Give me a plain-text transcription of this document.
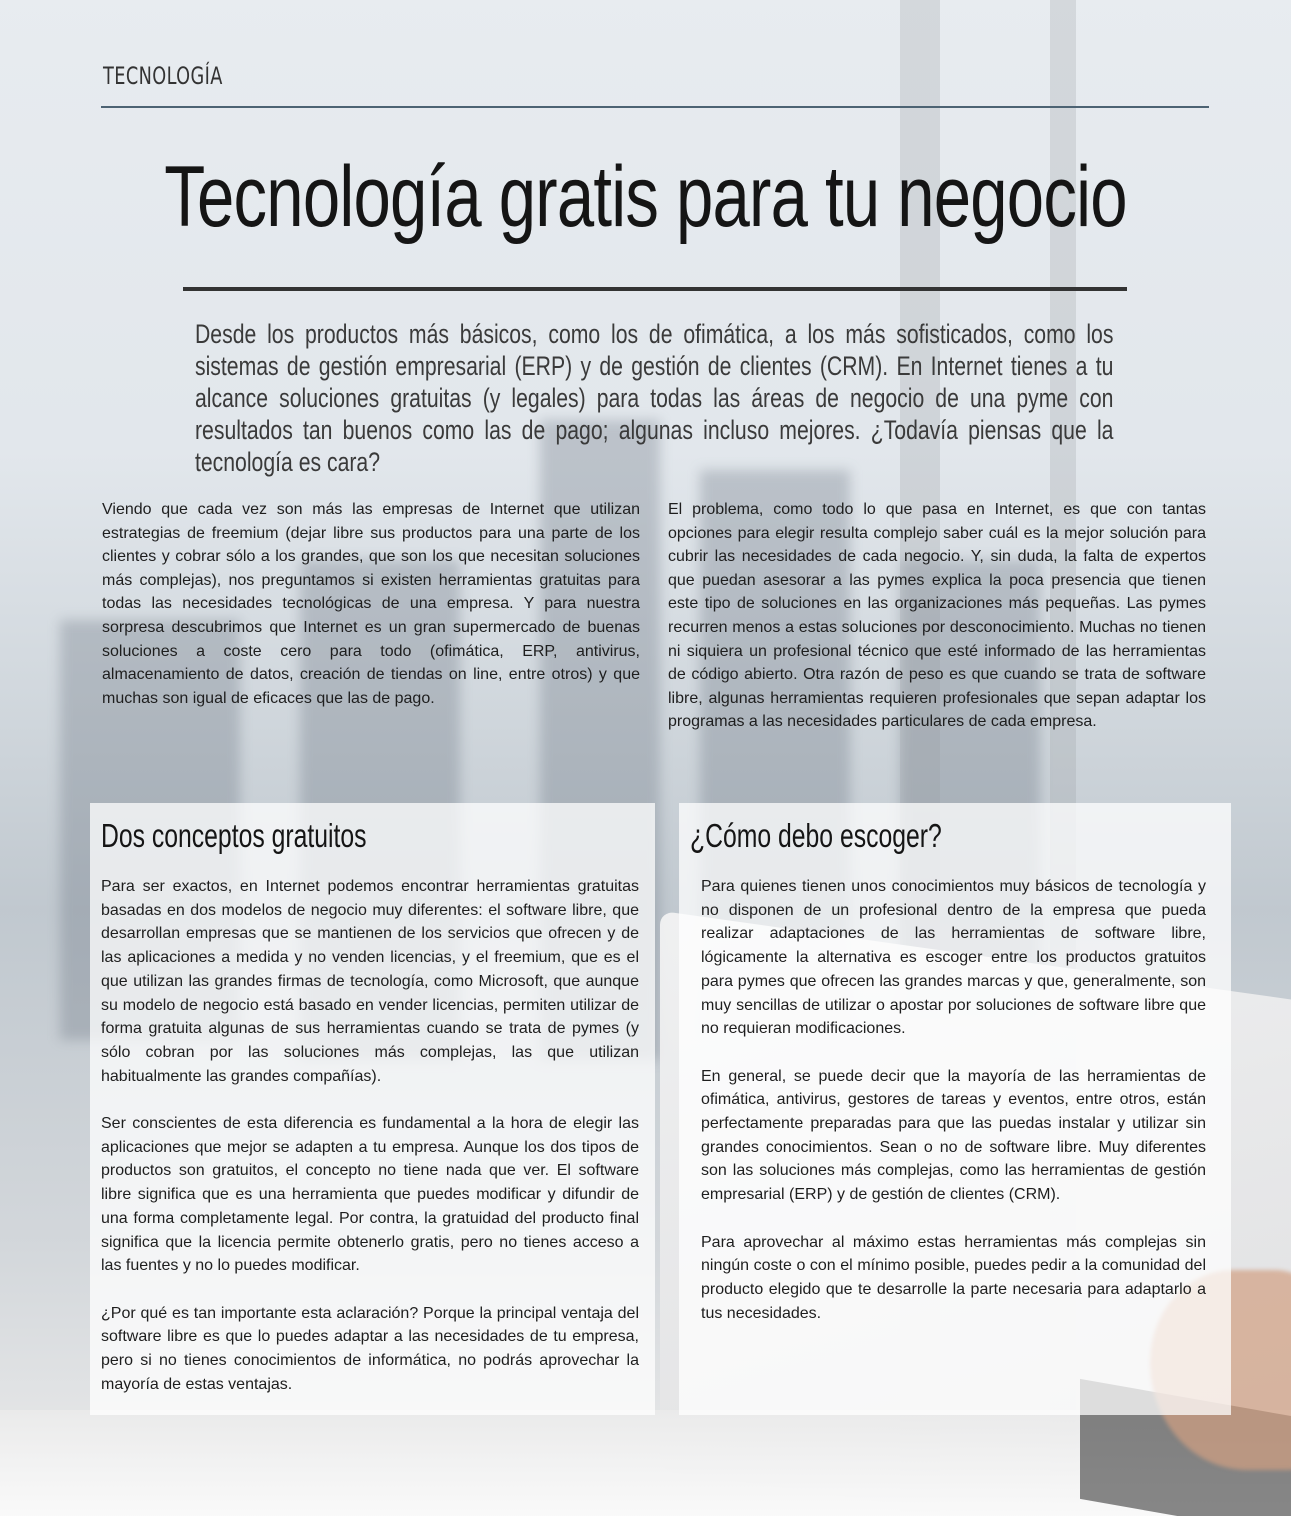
TECNOLOGÍA
Tecnología gratis para tu negocio

Desde los productos más básicos, como los de ofimática, a los más sofisticados, como los sistemas de gestión empresarial (ERP) y de gestión de clientes (CRM). En Internet tienes a tu alcance soluciones gratuitas (y legales) para todas las áreas de negocio de una pyme con resultados tan buenos como las de pago; algunas incluso mejores. ¿Todavía piensas que la tecnología es cara?

Viendo que cada vez son más las empresas de Internet que utilizan estrategias de freemium (dejar libre sus productos para una parte de los clientes y cobrar sólo a los grandes, que son los que necesitan soluciones más complejas), nos preguntamos si existen herramientas gratuitas para todas las necesidades tecnológicas de una empresa. Y para nuestra sorpresa descubrimos que Internet es un gran supermercado de buenas soluciones a coste cero para todo (ofimática, ERP, antivirus, almacenamiento de datos, creación de tiendas on line, entre otros) y que muchas son igual de eficaces que las de pago.

El problema, como todo lo que pasa en Internet, es que con tantas opciones para elegir resulta complejo saber cuál es la mejor solución para cubrir las necesidades de cada negocio. Y, sin duda, la falta de expertos que puedan asesorar a las pymes explica la poca presencia que tienen este tipo de soluciones en las organizaciones más pequeñas. Las pymes recurren menos a estas soluciones por desconocimiento. Muchas no tienen ni siquiera un profesional técnico que esté informado de las herramientas de código abierto. Otra razón de peso es que cuando se trata de software libre, algunas herramientas requieren profesionales que sepan adaptar los programas a las necesidades particulares de cada empresa.

Dos conceptos gratuitos

Para ser exactos, en Internet podemos encontrar herramientas gratuitas basadas en dos modelos de negocio muy diferentes: el software libre, que desarrollan empresas que se mantienen de los servicios que ofrecen y de las aplicaciones a medida y no venden licencias, y el freemium, que es el que utilizan las grandes firmas de tecnología, como Microsoft, que aunque su modelo de negocio está basado en vender licencias, permiten utilizar de forma gratuita algunas de sus herramientas cuando se trata de pymes (y sólo cobran por las soluciones más complejas, las que utilizan habitualmente las grandes compañías).

Ser conscientes de esta diferencia es fundamental a la hora de elegir las aplicaciones que mejor se adapten a tu empresa. Aunque los dos tipos de productos son gratuitos, el concepto no tiene nada que ver. El software libre significa que es una herramienta que puedes modificar y difundir de una forma completamente legal. Por contra, la gratuidad del producto final significa que la licencia permite obtenerlo gratis, pero no tienes acceso a las fuentes y no lo puedes modificar.

¿Por qué es tan importante esta aclaración? Porque la principal ventaja del software libre es que lo puedes adaptar a las necesidades de tu empresa, pero si no tienes conocimientos de informática, no podrás aprovechar la mayoría de estas ventajas.

¿Cómo debo escoger?

Para quienes tienen unos conocimientos muy básicos de tecnología y no disponen de un profesional dentro de la empresa que pueda realizar adaptaciones de las herramientas de software libre, lógicamente la alternativa es escoger entre los productos gratuitos para pymes que ofrecen las grandes marcas y que, generalmente, son muy sencillas de utilizar o apostar por soluciones de software libre que no requieran modificaciones.

En general, se puede decir que la mayoría de las herramientas de ofimática, antivirus, gestores de tareas y eventos, entre otros, están perfectamente preparadas para que las puedas instalar y utilizar sin grandes conocimientos. Sean o no de software libre. Muy diferentes son las soluciones más complejas, como las herramientas de gestión empresarial (ERP) y de gestión de clientes (CRM).

Para aprovechar al máximo estas herramientas más complejas sin ningún coste o con el mínimo posible, puedes pedir a la comunidad del producto elegido que te desarrolle la parte necesaria para adaptarlo a tus necesidades.
